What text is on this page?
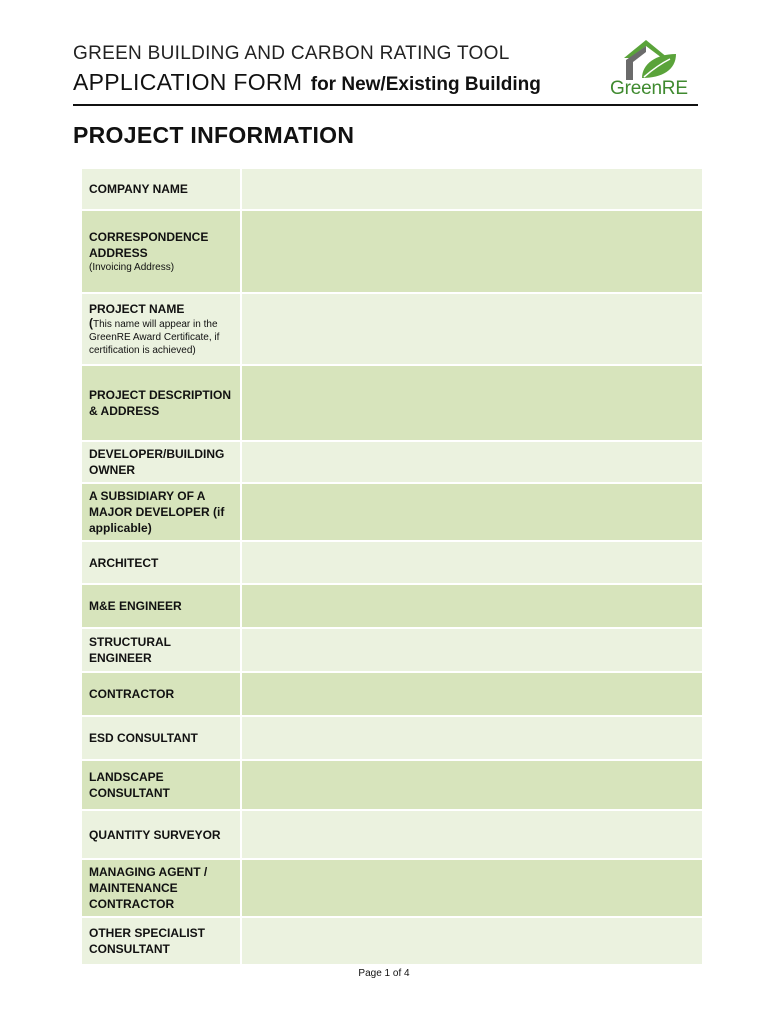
GREEN BUILDING AND CARBON RATING TOOL
APPLICATION FORM for New/Existing Building	GreenRE
PROJECT INFORMATION
COMPANY NAME	
CORRESPONDENCE ADDRESS
(Invoicing Address)	

PROJECT NAME
(This name will appear in the GreenRE Award Certificate, if certification is achieved)	

PROJECT DESCRIPTION & ADDRESS	
DEVELOPER/BUILDING OWNER	
A SUBSIDIARY OF A MAJOR DEVELOPER (if applicable)	
ARCHITECT	
M&E ENGINEER	
STRUCTURAL ENGINEER	
CONTRACTOR	
ESD CONSULTANT	
LANDSCAPE CONSULTANT	
QUANTITY SURVEYOR	
MANAGING AGENT / MAINTENANCE CONTRACTOR	
OTHER SPECIALIST CONSULTANT	
Page 1 of 4
